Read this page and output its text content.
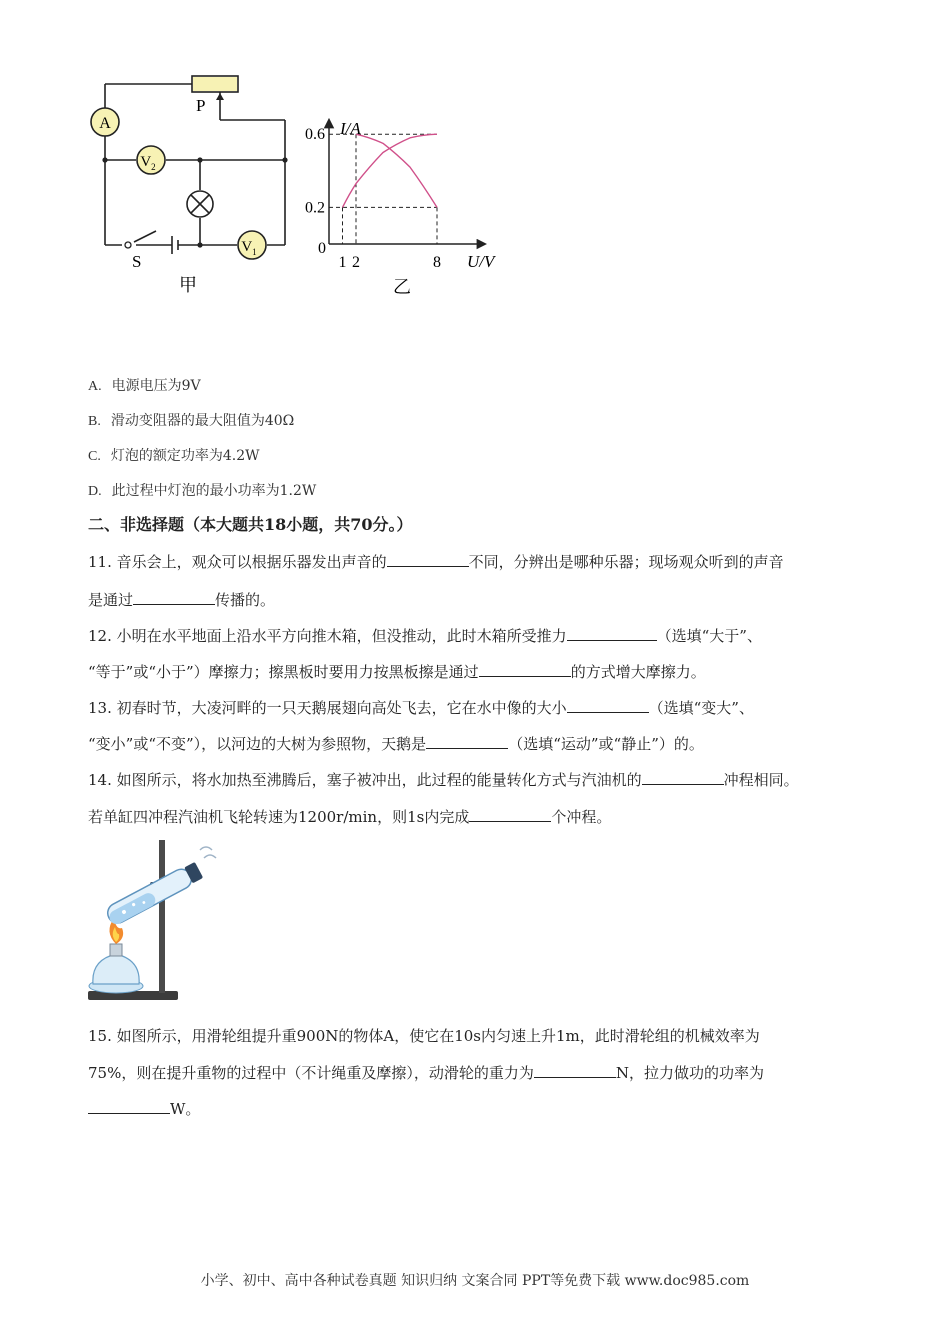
A
$V_2$
$V_1$
P
S
甲
1 2	8
0.2
0.6 I/A
U/V
0
乙
A. 电源电压为9V
B. 滑动变阻器的最大阻值为40Ω
C. 灯泡的额定功率为4.2W
D. 此过程中灯泡的最小功率为1.2W
二、非选择题（本大题共18小题，共70分。）
11. 音乐会上，观众可以根据乐器发出声音的	不同，分辨出是哪种乐器；现场观众听到的声音
是通过	传播的。
12. 小明在水平地面上沿水平方向推木箱，但没推动，此时木箱所受推力	（选填“大于”、
“等于”或“小于”）摩擦力；擦黑板时要用力按黑板擦是通过	的方式增大摩擦力。
13. 初春时节，大凌河畔的一只天鹅展翅向高处飞去，它在水中像的大小	（选填“变大”、
“变小”或“不变”），以河边的大树为参照物，天鹅是	（选填“运动”或“静止”）的。
14. 如图所示，将水加热至沸腾后，塞子被冲出，此过程的能量转化方式与汽油机的	冲程相同。
若单缸四冲程汽油机飞轮转速为1200r/min，则1s内完成	个冲程。
15. 如图所示，用滑轮组提升重900N的物体A，使它在10s内匀速上升1m，此时滑轮组的机械效率为
75%，则在提升重物的过程中（不计绳重及摩擦），动滑轮的重力为	N，拉力做功的功率为
W。
小学、初中、高中各种试卷真题 知识归纳 文案合同 PPT等免费下载 www.doc985.com
